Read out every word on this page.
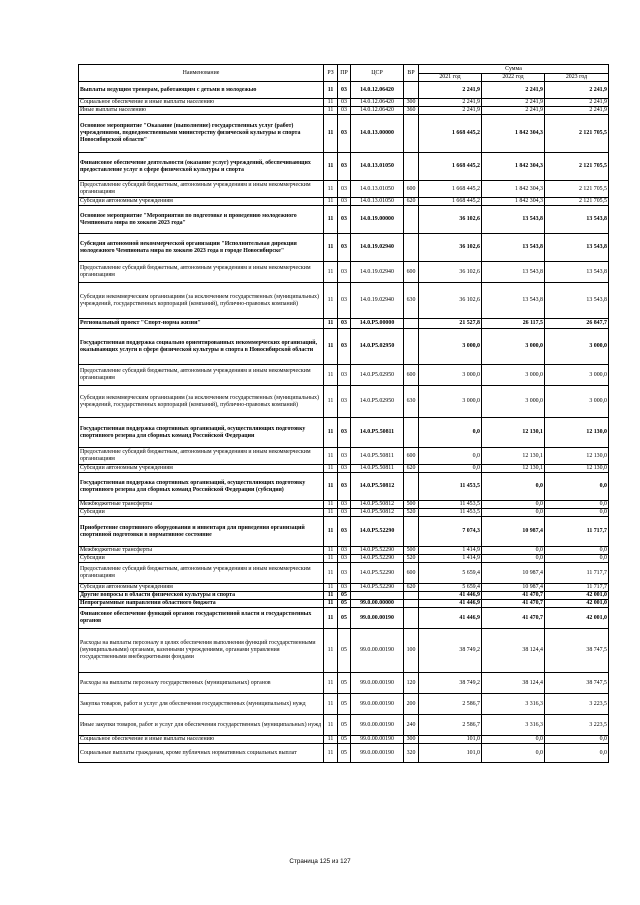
Наименование	РЗ	ПР	ЦСР	ВР	Сумма		
					2021 год	2022 год	2023 год
Выплаты ведущим тренерам, работающим с детьми в молодежью	11	03	14.0.12.06420		2 241,9	2 241,9	2 241,9
Социальное обеспечение и иные выплаты населению	11	03	14.0.12.06420	300	2 241,9	2 241,9	2 241,9
Иные выплаты населению	11	03	14.0.12.06420	360	2 241,9	2 241,9	2 241,9
Основное мероприятие "Оказание (выполнение) государственных услуг (работ) учреждениями, подведомственными министерству физической культуры и спорта Новосибирской области"	11	03	14.0.13.00000		1 668 445,2	1 842 304,3	2 121 705,5
Финансовое обеспечение деятельности (оказание услуг) учреждений, обеспечивающих предоставление услуг в сфере физической культуры и спорта	11	03	14.0.13.01050		1 668 445,2	1 842 304,3	2 121 705,5
Предоставление субсидий бюджетным, автономным учреждениям и иным некоммерческим организациям	11	03	14.0.13.01050	600	1 668 445,2	1 842 304,3	2 121 705,5
Субсидии автономным учреждениям	11	03	14.0.13.01050	620	1 668 445,2	1 842 304,3	2 121 705,5
Основное мероприятие "Мероприятия по подготовке и проведению молодежного Чемпионата мира по хоккею 2023 года"	11	03	14.0.19.00000		36 102,6	13 543,8	13 543,8
Субсидия автономной некоммерческой организации "Исполнительная дирекция молодежного Чемпионата мира по хоккею 2023 года в городе Новосибирске"	11	03	14.0.19.02940		36 102,6	13 543,8	13 543,8
Предоставление субсидий бюджетным, автономным учреждениям и иным некоммерческим организациям	11	03	14.0.19.02940	600	36 102,6	13 543,8	13 543,8
Субсидии некоммерческим организациям (за исключением государственных (муниципальных) учреждений, государственных корпораций (компаний), публично-правовых компаний)	11	03	14.0.19.02940	630	36 102,6	13 543,8	13 543,8
Региональный проект "Спорт-норма жизни"	11	03	14.0.P5.00000		21 527,8	26 117,5	26 847,7
Государственная поддержка социально ориентированных некоммерческих организаций, оказывающих услуги в сфере физической культуры и спорта в Новосибирской области	11	03	14.0.P5.02950		3 000,0	3 000,0	3 000,0
Предоставление субсидий бюджетным, автономным учреждениям и иным некоммерческим организациям	11	03	14.0.P5.02950	600	3 000,0	3 000,0	3 000,0
Субсидии некоммерческим организациям (за исключением государственных (муниципальных) учреждений, государственных корпораций (компаний), публично-правовых компаний)	11	03	14.0.P5.02950	630	3 000,0	3 000,0	3 000,0
Государственная поддержка спортивных организаций, осуществляющих подготовку спортивного резерва для сборных команд Российской Федерации	11	03	14.0.P5.50811		0,0	12 130,1	12 130,0
Предоставление субсидий бюджетным, автономным учреждениям и иным некоммерческим организациям	11	03	14.0.P5.50811	600	0,0	12 130,1	12 130,0
Субсидии автономным учреждениям	11	03	14.0.P5.50811	620	0,0	12 130,1	12 130,0
Государственная поддержка спортивных организаций, осуществляющих подготовку спортивного резерва для сборных команд Российской Федерации (субсидия)	11	03	14.0.P5.50812		11 453,5	0,0	0,0
Межбюджетные трансферты	11	03	14.0.P5.50812	500	11 453,5	0,0	0,0
Субсидии	11	03	14.0.P5.50812	520	11 453,5	0,0	0,0
Приобретение спортивного оборудования и инвентаря для приведения организаций спортивной подготовки в нормативное состояние	11	03	14.0.P5.52290		7 074,3	10 987,4	11 717,7
Межбюджетные трансферты	11	03	14.0.P5.52290	500	1 414,9	0,0	0,0
Субсидии	11	03	14.0.P5.52290	520	1 414,9	0,0	0,0
Предоставление субсидий бюджетным, автономным учреждениям и иным некоммерческим организациям	11	03	14.0.P5.52290	600	5 659,4	10 987,4	11 717,7
Субсидии автономным учреждениям	11	03	14.0.P5.52290	620	5 659,4	10 987,4	11 717,7
Другие вопросы в области физической культуры и спорта	11	05			41 446,9	41 470,7	42 001,0
Непрограммные направления областного бюджета	11	05	99.0.00.00000		41 446,9	41 470,7	42 001,0
Финансовое обеспечение функций органов государственной власти и государственных органов	11	05	99.0.00.00190		41 446,9	41 470,7	42 001,0
Расходы на выплаты персоналу в целях обеспечения выполнения функций государственными (муниципальными) органами, казенными учреждениями, органами управления государственными внебюджетными фондами	11	05	99.0.00.00190	100	38 749,2	38 124,4	38 747,5
Расходы на выплаты персоналу государственных (муниципальных) органов	11	05	99.0.00.00190	120	38 749,2	38 124,4	38 747,5
Закупка товаров, работ и услуг для обеспечения государственных (муниципальных) нужд	11	05	99.0.00.00190	200	2 586,7	3 316,3	3 223,5
Иные закупки товаров, работ и услуг для обеспечения государственных (муниципальных) нужд	11	05	99.0.00.00190	240	2 586,7	3 316,3	3 223,5
Социальное обеспечение и иные выплаты населению	11	05	99.0.00.00190	300	101,0	0,0	0,0
Социальные выплаты гражданам, кроме публичных нормативных социальных выплат	11	05	99.0.00.00190	320	101,0	0,0	0,0
Страница 125 из 127
